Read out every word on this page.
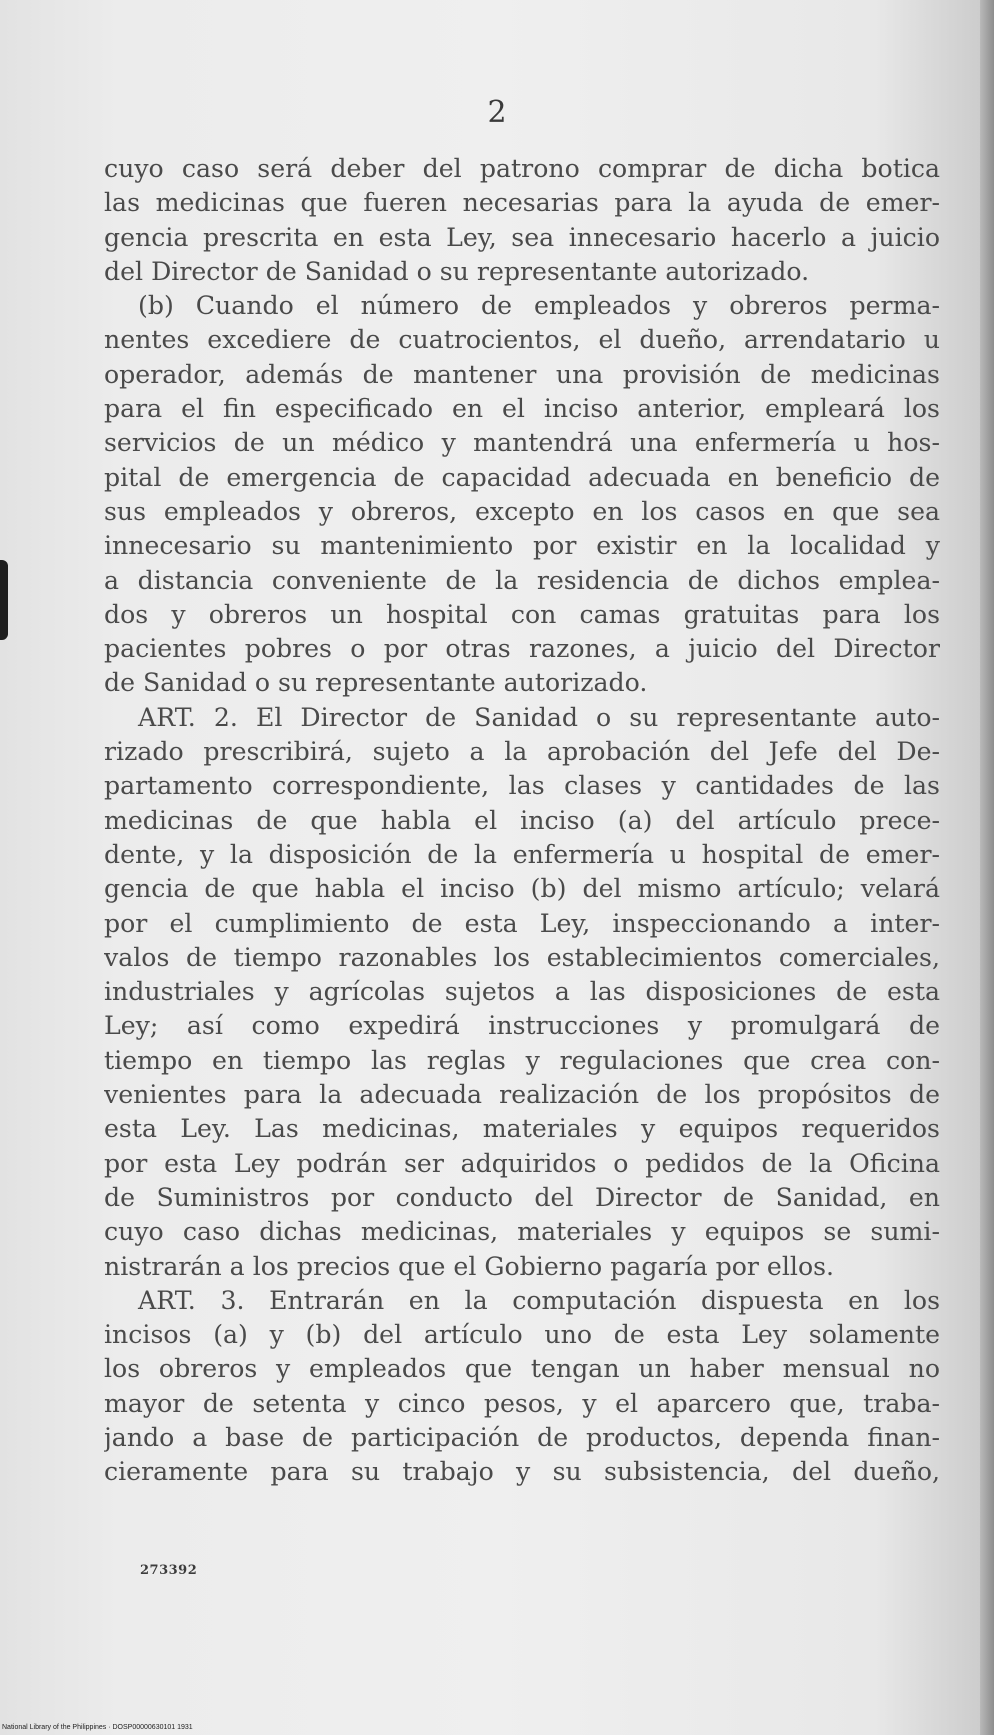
2
cuyo caso será deber del patrono comprar de dicha botica
las medicinas que fueren necesarias para la ayuda de emer-
gencia prescrita en esta Ley, sea innecesario hacerlo a juicio
del Director de Sanidad o su representante autorizado.
(b) Cuando el número de empleados y obreros perma-
nentes excediere de cuatrocientos, el dueño, arrendatario u
operador, además de mantener una provisión de medicinas
para el fin especificado en el inciso anterior, empleará los
servicios de un médico y mantendrá una enfermería u hos-
pital de emergencia de capacidad adecuada en beneficio de
sus empleados y obreros, excepto en los casos en que sea
innecesario su mantenimiento por existir en la localidad y
a distancia conveniente de la residencia de dichos emplea-
dos y obreros un hospital con camas gratuitas para los
pacientes pobres o por otras razones, a juicio del Director
de Sanidad o su representante autorizado.
ART. 2. El Director de Sanidad o su representante auto-
rizado prescribirá, sujeto a la aprobación del Jefe del De-
partamento correspondiente, las clases y cantidades de las
medicinas de que habla el inciso (a) del artículo prece-
dente, y la disposición de la enfermería u hospital de emer-
gencia de que habla el inciso (b) del mismo artículo; velará
por el cumplimiento de esta Ley, inspeccionando a inter-
valos de tiempo razonables los establecimientos comerciales,
industriales y agrícolas sujetos a las disposiciones de esta
Ley; así como expedirá instrucciones y promulgará de
tiempo en tiempo las reglas y regulaciones que crea con-
venientes para la adecuada realización de los propósitos de
esta Ley. Las medicinas, materiales y equipos requeridos
por esta Ley podrán ser adquiridos o pedidos de la Oficina
de Suministros por conducto del Director de Sanidad, en
cuyo caso dichas medicinas, materiales y equipos se sumi-
nistrarán a los precios que el Gobierno pagaría por ellos.
ART. 3. Entrarán en la computación dispuesta en los
incisos (a) y (b) del artículo uno de esta Ley solamente
los obreros y empleados que tengan un haber mensual no
mayor de setenta y cinco pesos, y el aparcero que, traba-
jando a base de participación de productos, dependa finan-
cieramente para su trabajo y su subsistencia, del dueño,
273392
National Library of the Philippines · DOSP00000630101 1931
